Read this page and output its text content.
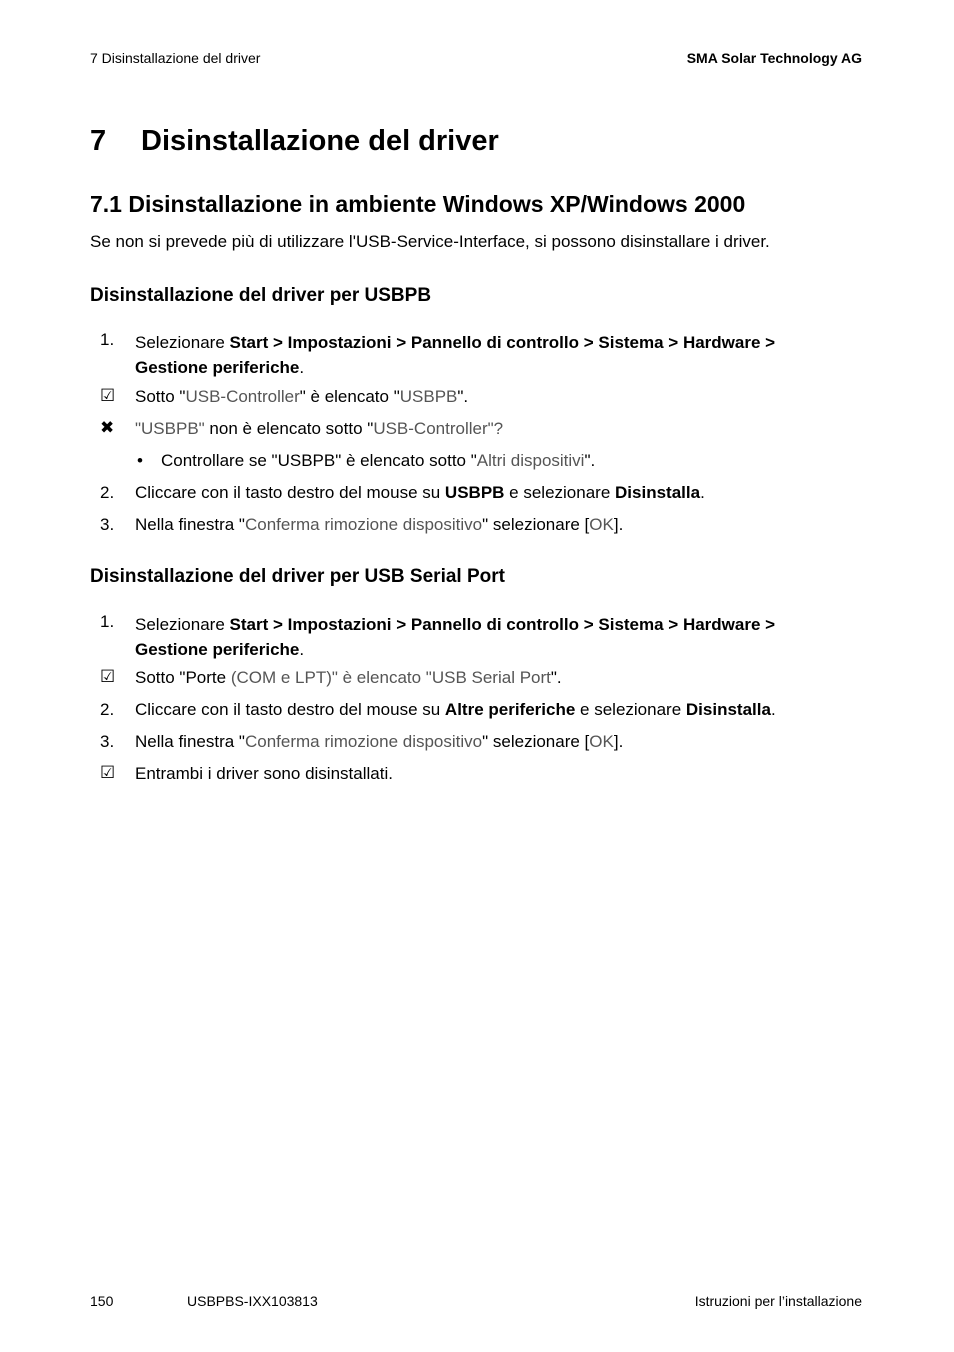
7 Disinstallazione del driver	SMA Solar Technology AG
7 Disinstallazione del driver
7.1 Disinstallazione in ambiente Windows XP/Windows 2000
Se non si prevede più di utilizzare l'USB-Service-Interface, si possono disinstallare i driver.
Disinstallazione del driver per USBPB
1.	Selezionare Start > Impostazioni > Pannello di controllo > Sistema > Hardware >
Gestione periferiche.
☑ Sotto "USB-Controller" è elencato "USBPB".
✖	"USBPB" non è elencato sotto "USB-Controller"?
• Controllare se "USBPB" è elencato sotto "Altri dispositivi".
2.	Cliccare con il tasto destro del mouse su USBPB e selezionare Disinstalla.
3.	Nella finestra "Conferma rimozione dispositivo" selezionare [OK].
Disinstallazione del driver per USB Serial Port
1.	Selezionare Start > Impostazioni > Pannello di controllo > Sistema > Hardware >
Gestione periferiche.
☑ Sotto "Porte (COM e LPT)" è elencato "USB Serial Port".
2.	Cliccare con il tasto destro del mouse su Altre periferiche e selezionare Disinstalla.
3.	Nella finestra "Conferma rimozione dispositivo" selezionare [OK].
☑ Entrambi i driver sono disinstallati.
150	USBPBS-IXX103813	Istruzioni per l’installazione
